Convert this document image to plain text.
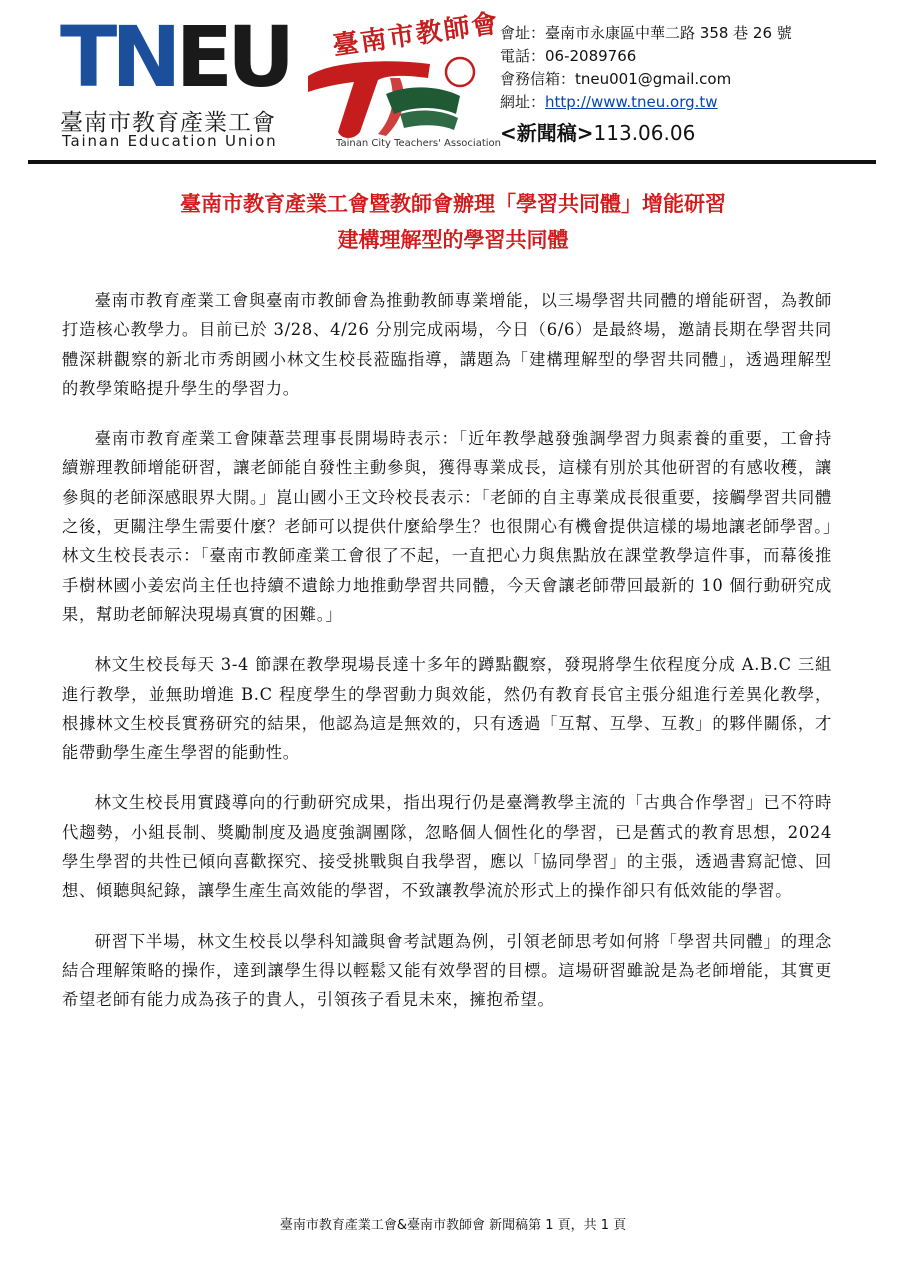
TN EU
臺南市教育產業工會
Tainan Education Union
臺南市教師會
Tainan City Teachers' Association
會址：臺南市永康區中華二路 358 巷 26 號
電話：06-2089766
會務信箱：tneu001@gmail.com
網址：http://www.tneu.org.tw
<新聞稿>113.06.06
臺南市教育產業工會暨教師會辦理「學習共同體」增能研習
建構理解型的學習共同體

臺南市教育產業工會與臺南市教師會為推動教師專業增能，以三場學習共同體的增能研習，為教師打造核心教學力。目前已於 3/28、4/26 分別完成兩場，今日（6/6）是最終場，邀請長期在學習共同體深耕觀察的新北市秀朗國小林文生校長蒞臨指導，講題為「建構理解型的學習共同體」，透過理解型的教學策略提升學生的學習力。

臺南市教育產業工會陳葦芸理事長開場時表示：「近年教學越發強調學習力與素養的重要，工會持續辦理教師增能研習，讓老師能自發性主動參與，獲得專業成長，這樣有別於其他研習的有感收穫，讓參與的老師深感眼界大開。」崑山國小王文玲校長表示：「老師的自主專業成長很重要，接觸學習共同體之後，更關注學生需要什麼？老師可以提供什麼給學生？也很開心有機會提供這樣的場地讓老師學習。」林文生校長表示：「臺南市教師產業工會很了不起，一直把心力與焦點放在課堂教學這件事，而幕後推手樹林國小姜宏尚主任也持續不遺餘力地推動學習共同體，今天會讓老師帶回最新的 10 個行動研究成果，幫助老師解決現場真實的困難。」

林文生校長每天 3-4 節課在教學現場長達十多年的蹲點觀察，發現將學生依程度分成 A.B.C 三組進行教學，並無助增進 B.C 程度學生的學習動力與效能，然仍有教育長官主張分組進行差異化教學，根據林文生校長實務研究的結果，他認為這是無效的，只有透過「互幫、互學、互教」的夥伴關係，才能帶動學生產生學習的能動性。

林文生校長用實踐導向的行動研究成果，指出現行仍是臺灣教學主流的「古典合作學習」已不符時代趨勢，小組長制、獎勵制度及過度強調團隊，忽略個人個性化的學習，已是舊式的教育思想，2024 學生學習的共性已傾向喜歡探究、接受挑戰與自我學習，應以「協同學習」的主張，透過書寫記憶、回想、傾聽與紀錄，讓學生產生高效能的學習，不致讓教學流於形式上的操作卻只有低效能的學習。

研習下半場，林文生校長以學科知識與會考試題為例，引領老師思考如何將「學習共同體」的理念結合理解策略的操作，達到讓學生得以輕鬆又能有效學習的目標。這場研習雖說是為老師增能，其實更希望老師有能力成為孩子的貴人，引領孩子看見未來，擁抱希望。

臺南市教育產業工會&臺南市教師會 新聞稿第 1 頁，共 1 頁
